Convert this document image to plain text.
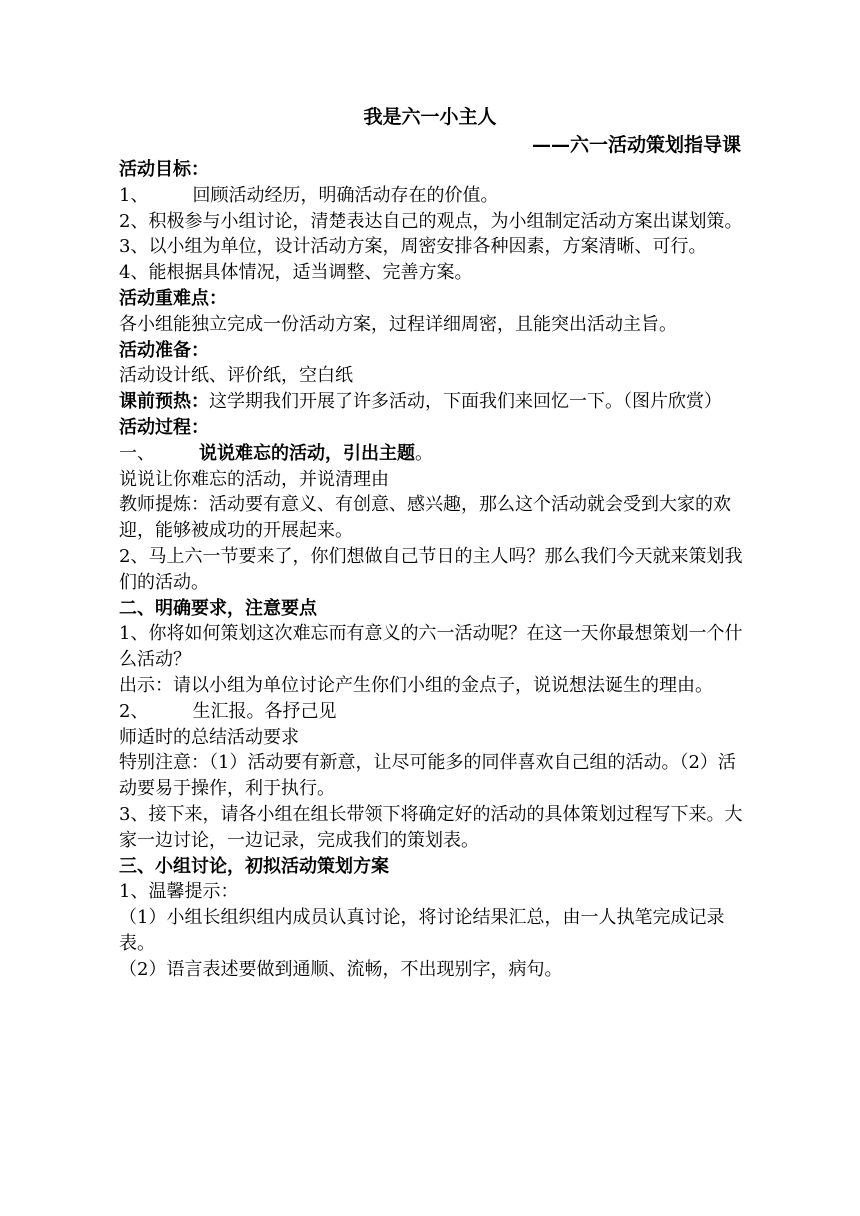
我是六一小主人
——六一活动策划指导课

活动目标：

1、 回顾活动经历，明确活动存在的价值。

2、积极参与小组讨论，清楚表达自己的观点，为小组制定活动方案出谋划策。

3、以小组为单位，设计活动方案，周密安排各种因素，方案清晰、可行。

4、能根据具体情况，适当调整、完善方案。

活动重难点：

各小组能独立完成一份活动方案，过程详细周密，且能突出活动主旨。

活动准备：

活动设计纸、评价纸，空白纸

课前预热：这学期我们开展了许多活动，下面我们来回忆一下。（图片欣赏）

活动过程：

一、 说说难忘的活动，引出主题。

说说让你难忘的活动，并说清理由

教师提炼：活动要有意义、有创意、感兴趣，那么这个活动就会受到大家的欢迎，能够被成功的开展起来。

2、马上六一节要来了，你们想做自己节日的主人吗？那么我们今天就来策划我们的活动。

二、明确要求，注意要点

1、你将如何策划这次难忘而有意义的六一活动呢？在这一天你最想策划一个什么活动？

出示：请以小组为单位讨论产生你们小组的金点子，说说想法诞生的理由。

2、 生汇报。各抒己见

师适时的总结活动要求

特别注意：（1）活动要有新意，让尽可能多的同伴喜欢自己组的活动。（2）活动要易于操作，利于执行。

3、接下来，请各小组在组长带领下将确定好的活动的具体策划过程写下来。大家一边讨论，一边记录，完成我们的策划表。

三、小组讨论，初拟活动策划方案

1、温馨提示：

（1）小组长组织组内成员认真讨论，将讨论结果汇总，由一人执笔完成记录表。

（2）语言表述要做到通顺、流畅，不出现别字，病句。
